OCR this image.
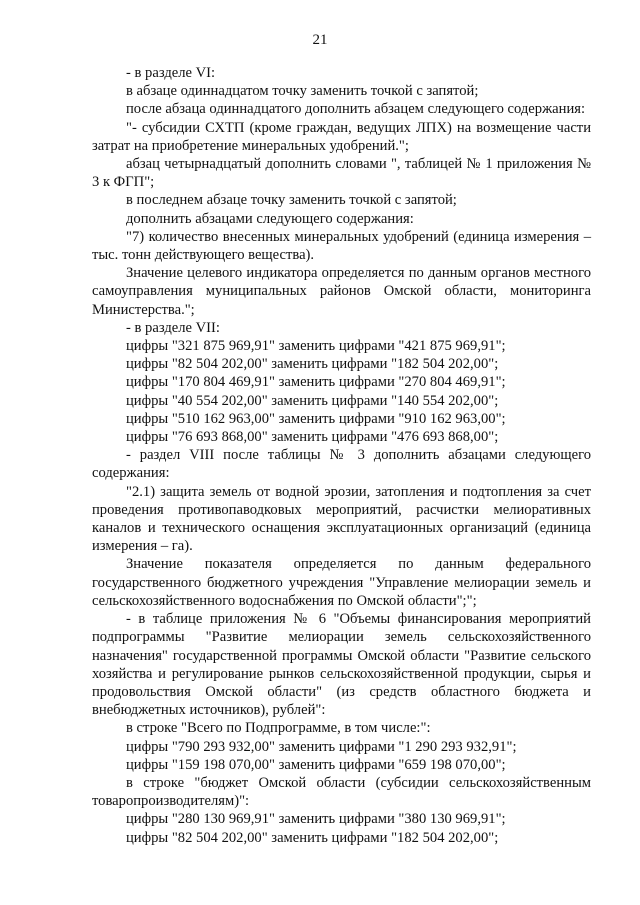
21

- в разделе VI:

в абзаце одиннадцатом точку заменить точкой с запятой;

после абзаца одиннадцатого дополнить абзацем следующего содержания:

"- субсидии СХТП (кроме граждан, ведущих ЛПХ) на возмещение части затрат на приобретение минеральных удобрений.";

абзац четырнадцатый дополнить словами ", таблицей № 1 приложения № 3 к ФГП";

в последнем абзаце точку заменить точкой с запятой;

дополнить абзацами следующего содержания:

"7) количество внесенных минеральных удобрений (единица измерения – тыс. тонн действующего вещества).

Значение целевого индикатора определяется по данным органов местного самоуправления муниципальных районов Омской области, мониторинга Министерства.";

- в разделе VII:

цифры "321 875 969,91" заменить цифрами "421 875 969,91";

цифры "82 504 202,00" заменить цифрами "182 504 202,00";

цифры "170 804 469,91" заменить цифрами "270 804 469,91";

цифры "40 554 202,00" заменить цифрами "140 554 202,00";

цифры "510 162 963,00" заменить цифрами "910 162 963,00";

цифры "76 693 868,00" заменить цифрами "476 693 868,00";

- раздел VIII после таблицы № 3 дополнить абзацами следующего содержания:

"2.1) защита земель от водной эрозии, затопления и подтопления за счет проведения противопаводковых мероприятий, расчистки мелиоративных каналов и технического оснащения эксплуатационных организаций (единица измерения – га).

Значение показателя определяется по данным федерального государственного бюджетного учреждения "Управление мелиорации земель и сельскохозяйственного водоснабжения по Омской области";";

- в таблице приложения № 6 "Объемы финансирования мероприятий подпрограммы "Развитие мелиорации земель сельскохозяйственного назначения" государственной программы Омской области "Развитие сельского хозяйства и регулирование рынков сельскохозяйственной продукции, сырья и продовольствия Омской области" (из средств областного бюджета и внебюджетных источников), рублей":

в строке "Всего по Подпрограмме, в том числе:":

цифры "790 293 932,00" заменить цифрами "1 290 293 932,91";

цифры "159 198 070,00" заменить цифрами "659 198 070,00";

в строке "бюджет Омской области (субсидии сельскохозяйственным товаропроизводителям)":

цифры "280 130 969,91" заменить цифрами "380 130 969,91";

цифры "82 504 202,00" заменить цифрами "182 504 202,00";
